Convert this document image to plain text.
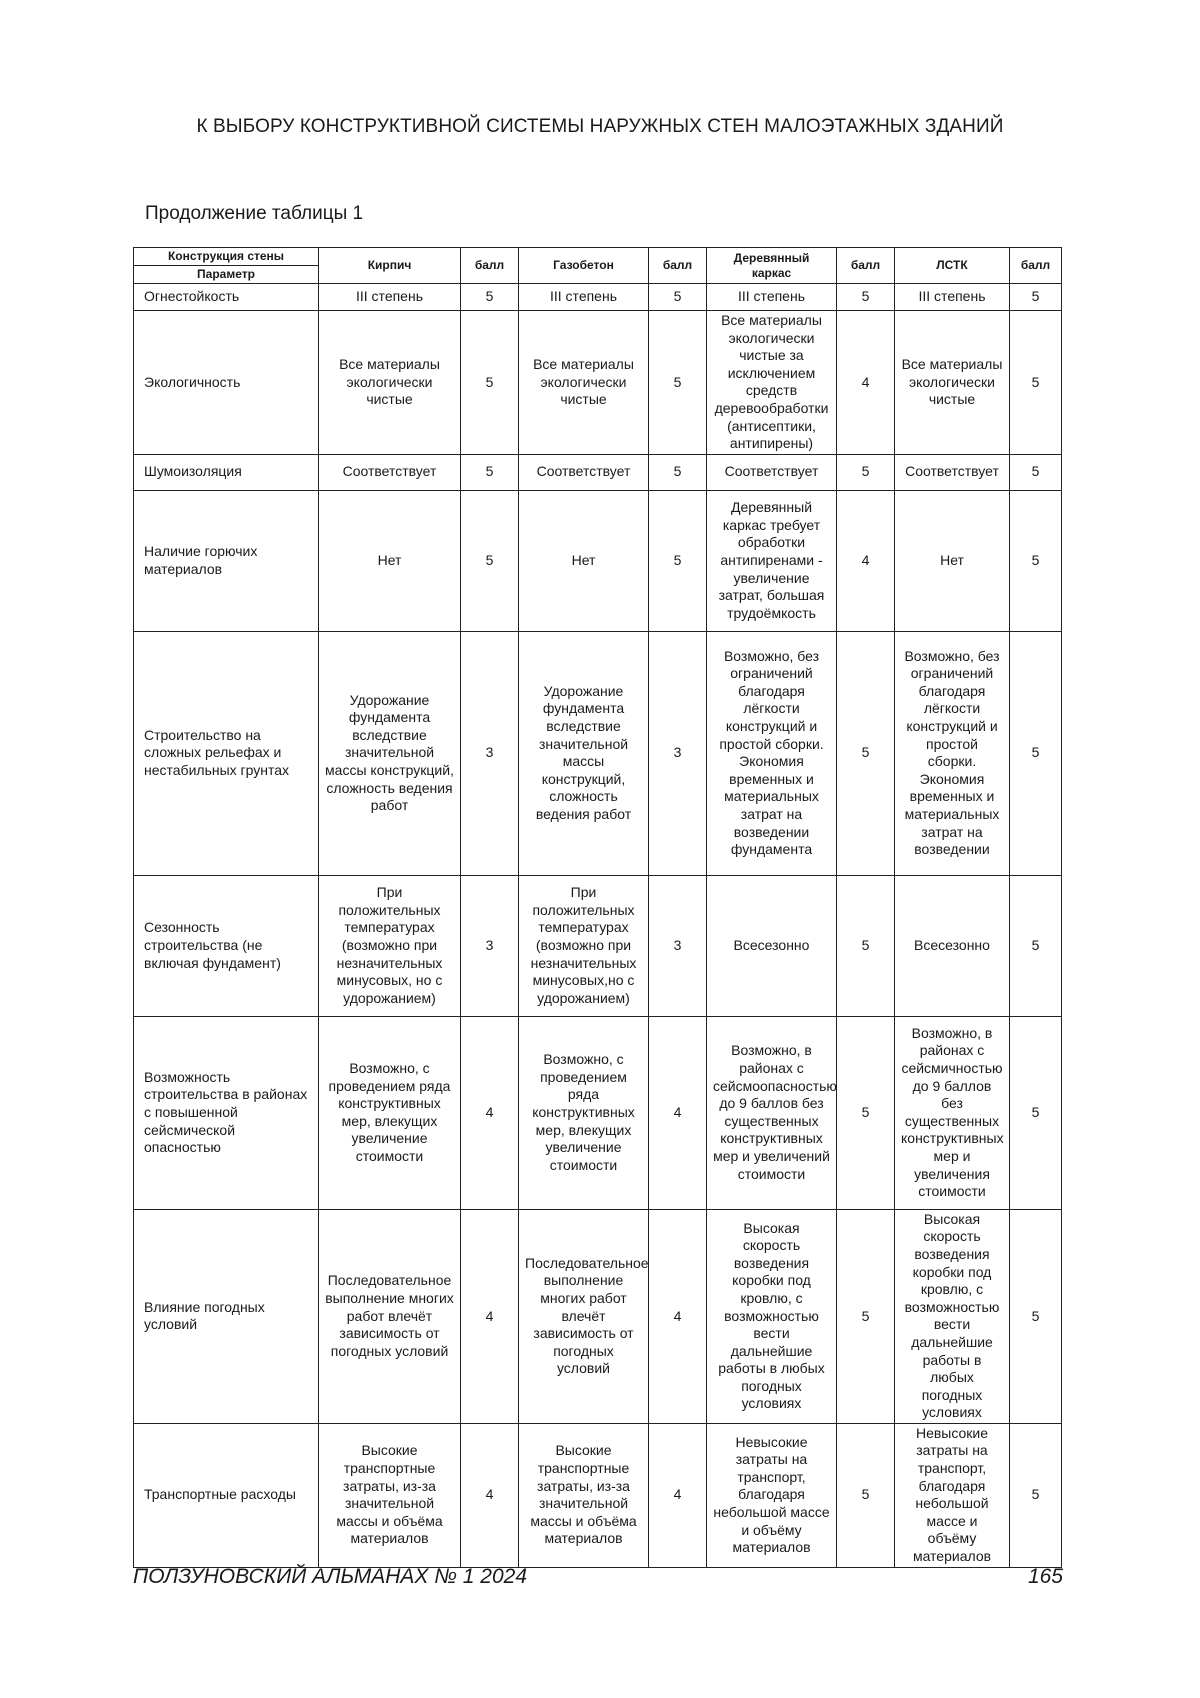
К ВЫБОРУ КОНСТРУКТИВНОЙ СИСТЕМЫ НАРУЖНЫХ СТЕН МАЛОЭТАЖНЫХ ЗДАНИЙ
Продолжение таблицы 1
Конструкция стены
Параметр	Кирпич	балл	Газобетон	балл	Деревянный каркас	балл	ЛСТК	балл
Огнестойкость	III степень	5	III степень	5	III степень	5	III степень	5
Экологичность	Все материалы экологически чистые	5	Все материалы экологически чистые	5	Все материалы экологически чистые за исключением средств деревообработки (антисептики, антипирены)	4	Все материалы экологически чистые	5
Шумоизоляция	Соответствует	5	Соответствует	5	Соответствует	5	Соответствует	5
Наличие горючих материалов	Нет	5	Нет	5	Деревянный каркас требует обработки антипиренами - увеличение затрат, большая трудоёмкость	4	Нет	5
Строительство на сложных рельефах и нестабильных грунтах	Удорожание фундамента вследствие значительной массы конструкций, сложность ведения работ	3	Удорожание фундамента вследствие значительной массы конструкций, сложность ведения работ	3	Возможно, без ограничений благодаря лёгкости конструкций и простой сборки. Экономия временных и материальных затрат на возведении фундамента	5	Возможно, без ограничений благодаря лёгкости конструкций и простой сборки. Экономия временных и материальных затрат на возведении	5
Сезонность строительства (не включая фундамент)	При положительных температурах (возможно при незначительных минусовых, но с удорожанием)	3	При положительных температурах (возможно при незначительных минусовых,но с удорожанием)	3	Всесезонно	5	Всесезонно	5
Возможность строительства в районах с повышенной сейсмической опасностью	Возможно, с проведением ряда конструктивных мер, влекущих увеличение стоимости	4	Возможно, с проведением ряда конструктивных мер, влекущих увеличение стоимости	4	Возможно, в районах с сейсмоопасностью до 9 баллов без существенных конструктивных мер и увеличений стоимости	5	Возможно, в районах с сейсмичностью до 9 баллов без существенных конструктивных мер и увеличения стоимости	5
Влияние погодных условий	Последовательное выполнение многих работ влечёт зависимость от погодных условий	4	Последовательное выполнение многих работ влечёт зависимость от погодных условий	4	Высокая скорость возведения коробки под кровлю, с возможностью вести дальнейшие работы в любых погодных условиях	5	Высокая скорость возведения коробки под кровлю, с возможностью вести дальнейшие работы в любых погодных условиях	5
Транспортные расходы	Высокие транспортные затраты, из-за значительной массы и объёма материалов	4	Высокие транспортные затраты, из-за значительной массы и объёма материалов	4	Невысокие затраты на транспорт, благодаря небольшой массе и объёму материалов	5	Невысокие затраты на транспорт, благодаря небольшой массе и объёму материалов	5
ПОЛЗУНОВСКИЙ АЛЬМАНАХ № 1 2024	165
